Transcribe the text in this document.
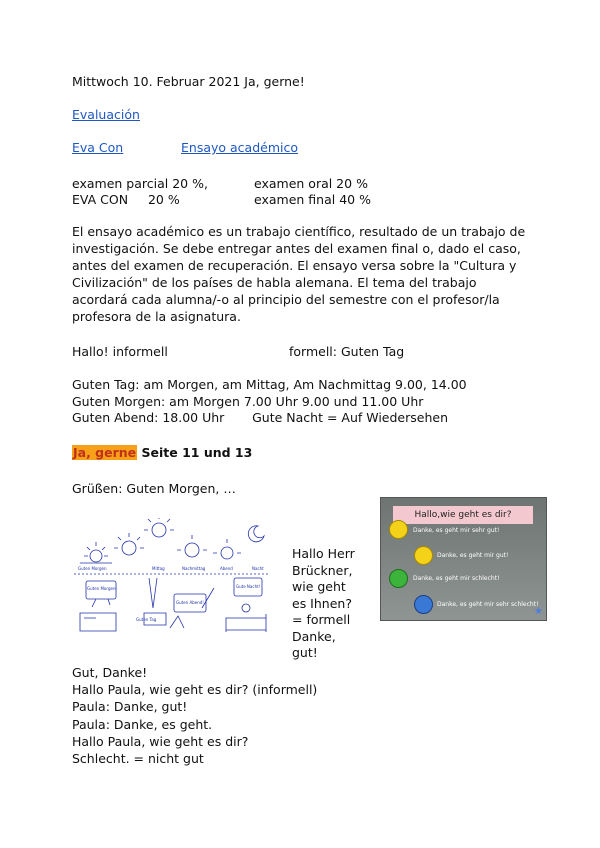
Mittwoch 10. Februar 2021 Ja, gerne!
Evaluación
Eva Con	Ensayo académico
examen parcial 20 %,	examen oral 20 %
EVA CON     20 %	examen final 40 %
El ensayo académico es un trabajo científico, resultado de un trabajo de investigación. Se debe entregar antes del examen final o, dado el caso, antes del examen de recuperación. El ensayo versa sobre la "Cultura y Civilización" de los países de habla alemana. El tema del trabajo acordará cada alumna/-o al principio del semestre con el profesor/la profesora de la asignatura.
Hallo! informell	formell: Guten Tag
Guten Tag: am Morgen, am Mittag, Am Nachmittag 9.00, 14.00
Guten Morgen: am Morgen 7.00 Uhr 9.00 und 11.00 Uhr
Guten Abend: 18.00 Uhr       Gute Nacht = Auf Wiedersehen
Ja, gerne Seite 11 und 13
Grüßen: Guten Morgen, …
Guten Morgen	Mittag	Nachmittag	Abend	Nacht
Guten Morgen!
Guten Tag
Guten Abend!
Gute Nacht!
Hallo Herr
Brückner,
wie geht
es Ihnen?
= formell
Danke,
gut!
Hallo,wie geht es dir?
Danke, es geht mir sehr gut!
Danke, es geht mir gut!
Danke, es geht mir schlecht!
Danke, es geht mir sehr schlecht!
★
Gut, Danke!
Hallo Paula, wie geht es dir? (informell)
Paula: Danke, gut!
Paula: Danke, es geht.
Hallo Paula, wie geht es dir?
Schlecht. = nicht gut
